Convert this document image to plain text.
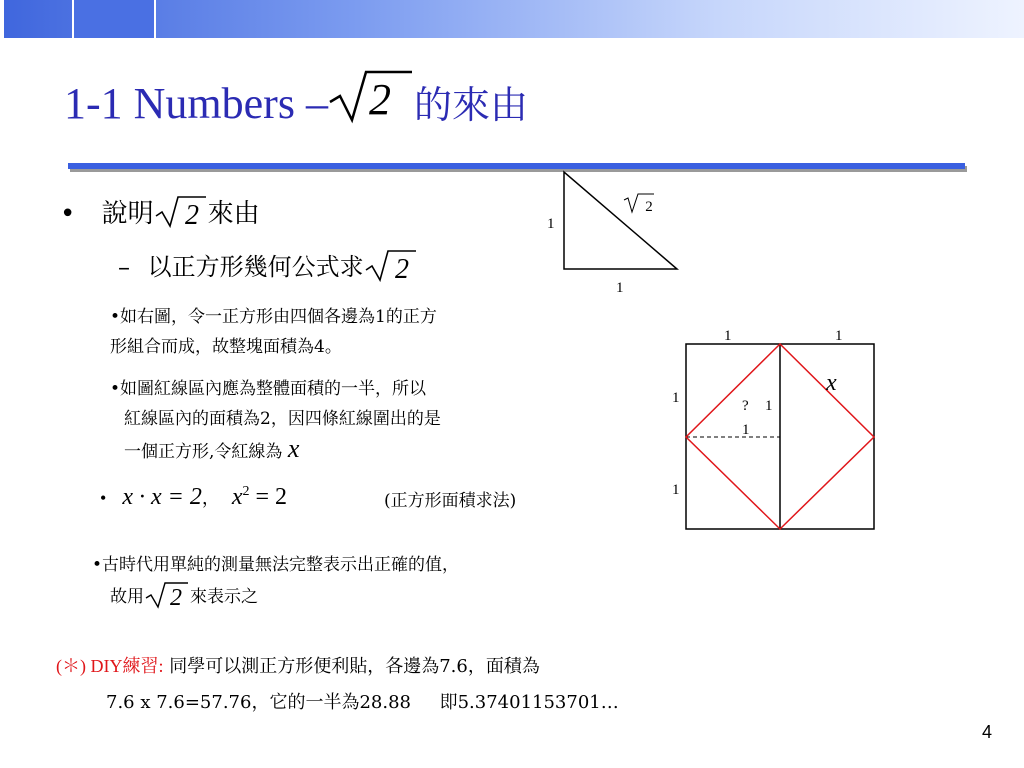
1-1 Numbers – 2 的來由
• 說明 2 來由
– 以正方形幾何公式求 2
•如右圖，令一正方形由四個各邊為1的正方
形組合而成，故整塊面積為4。
•如圖紅線區內應為整體面積的一半，所以
紅線區內的面積為2，因四條紅線圍出的是
一個正方形,令紅線為 x
• x · x = 2， $x^2 = 2$	(正方形面積求法)
•古時代用單純的測量無法完整表示出正確的值，
故用 2 來表示之
(＊) DIY練習: 同學可以測正方形便利貼，各邊為7.6，面積為
7.6 x 7.6=57.76，它的一半為28.88     即5.37401153701…
2
1
1
1	1
1
1
? 1
1
x
4
